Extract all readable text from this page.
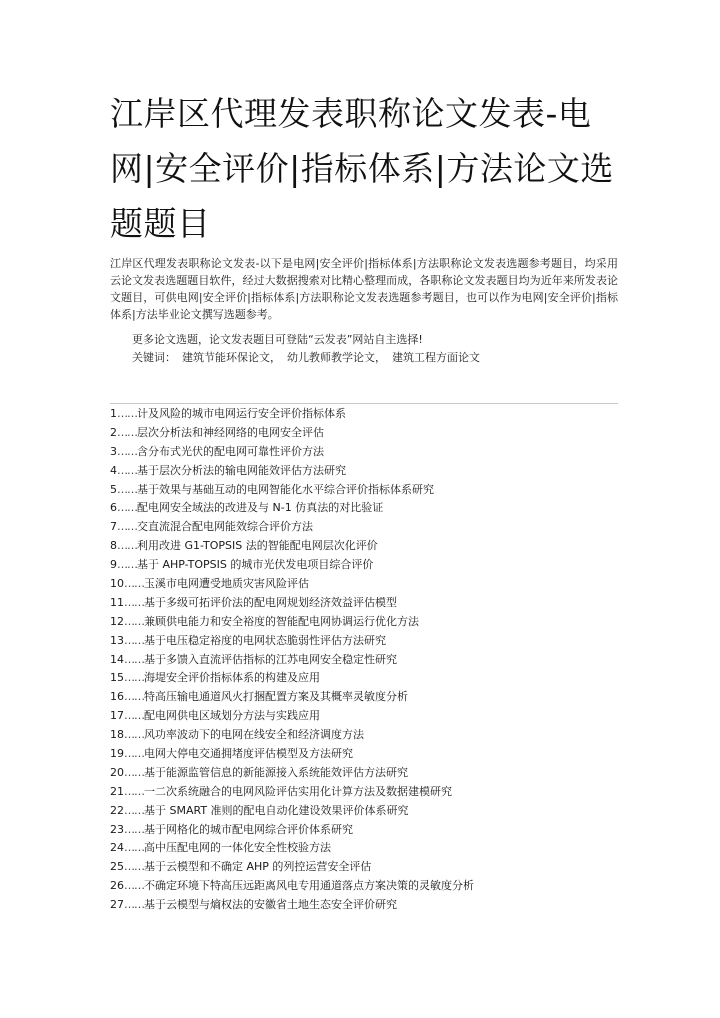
江岸区代理发表职称论文发表-电网|安全评价|指标体系|方法论文选题题目

江岸区代理发表职称论文发表-以下是电网|安全评价|指标体系|方法职称论文发表选题参考题目，均采用云论文发表选题题目软件，经过大数据搜索对比精心整理而成，各职称论文发表题目均为近年来所发表论文题目，可供电网|安全评价|指标体系|方法职称论文发表选题参考题目，也可以作为电网|安全评价|指标体系|方法毕业论文撰写选题参考。

更多论文选题，论文发表题目可登陆“云发表”网站自主选择!

关键词： 建筑节能环保论文， 幼儿教师教学论文， 建筑工程方面论文

1……计及风险的城市电网运行安全评价指标体系
2……层次分析法和神经网络的电网安全评估
3……含分布式光伏的配电网可靠性评价方法
4……基于层次分析法的输电网能效评估方法研究
5……基于效果与基础互动的电网智能化水平综合评价指标体系研究
6……配电网安全域法的改进及与 N-1 仿真法的对比验证
7……交直流混合配电网能效综合评价方法
8……利用改进 G1-TOPSIS 法的智能配电网层次化评价
9……基于 AHP-TOPSIS 的城市光伏发电项目综合评价
10……玉溪市电网遭受地质灾害风险评估
11……基于多级可拓评价法的配电网规划经济效益评估模型
12……兼顾供电能力和安全裕度的智能配电网协调运行优化方法
13……基于电压稳定裕度的电网状态脆弱性评估方法研究
14……基于多馈入直流评估指标的江苏电网安全稳定性研究
15……海堤安全评价指标体系的构建及应用
16……特高压输电通道风火打捆配置方案及其概率灵敏度分析
17……配电网供电区域划分方法与实践应用
18……风功率波动下的电网在线安全和经济调度方法
19……电网大停电交通拥堵度评估模型及方法研究
20……基于能源监管信息的新能源接入系统能效评估方法研究
21……一二次系统融合的电网风险评估实用化计算方法及数据建模研究
22……基于 SMART 准则的配电自动化建设效果评价体系研究
23……基于网格化的城市配电网综合评价体系研究
24……高中压配电网的一体化安全性校验方法
25……基于云模型和不确定 AHP 的列控运营安全评估
26……不确定环境下特高压远距离风电专用通道落点方案决策的灵敏度分析
27……基于云模型与熵权法的安徽省土地生态安全评价研究
